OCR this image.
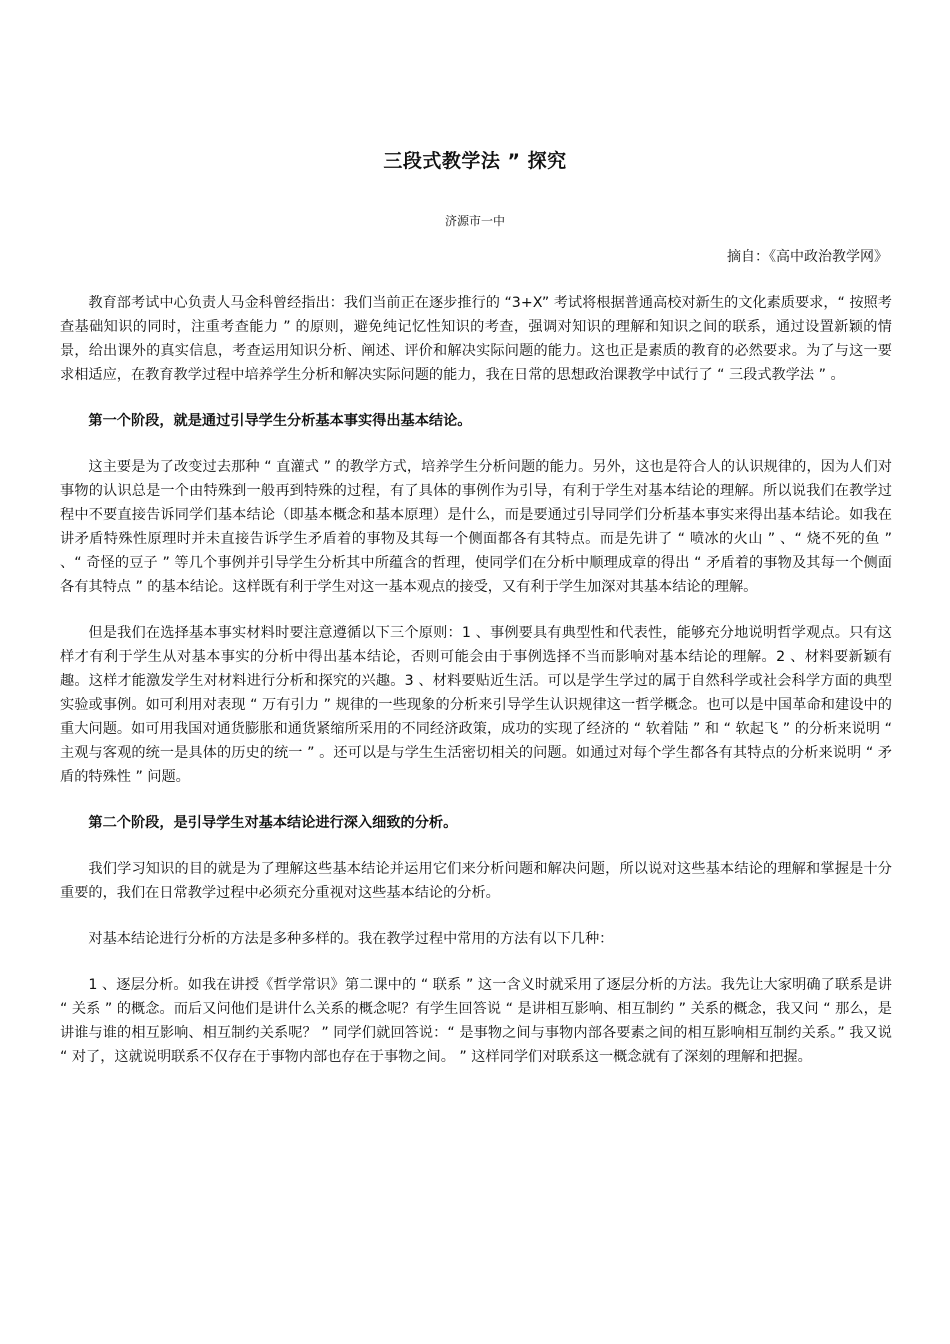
三段式教学法 ” 探究
济源市一中
摘自：《高中政治教学网》

教育部考试中心负责人马金科曾经指出：我们当前正在逐步推行的 “3+X” 考试将根据普通高校对新生的文化素质要求，“ 按照考查基础知识的同时，注重考查能力 ” 的原则，避免纯记忆性知识的考查，强调对知识的理解和知识之间的联系，通过设置新颖的情景，给出课外的真实信息，考查运用知识分析、阐述、评价和解决实际问题的能力。这也正是素质的教育的必然要求。为了与这一要求相适应，在教育教学过程中培养学生分析和解决实际问题的能力，我在日常的思想政治课教学中试行了 “ 三段式教学法 ” 。

第一个阶段，就是通过引导学生分析基本事实得出基本结论。

这主要是为了改变过去那种 “ 直灌式 ” 的教学方式，培养学生分析问题的能力。另外，这也是符合人的认识规律的，因为人们对事物的认识总是一个由特殊到一般再到特殊的过程，有了具体的事例作为引导，有利于学生对基本结论的理解。所以说我们在教学过程中不要直接告诉同学们基本结论（即基本概念和基本原理）是什么，而是要通过引导同学们分析基本事实来得出基本结论。如我在讲矛盾特殊性原理时并未直接告诉学生矛盾着的事物及其每一个侧面都各有其特点。而是先讲了 “ 喷冰的火山 ” 、“ 烧不死的鱼 ” 、“ 奇怪的豆子 ” 等几个事例并引导学生分析其中所蕴含的哲理，使同学们在分析中顺理成章的得出 “ 矛盾着的事物及其每一个侧面各有其特点 ” 的基本结论。这样既有利于学生对这一基本观点的接受，又有利于学生加深对其基本结论的理解。

但是我们在选择基本事实材料时要注意遵循以下三个原则：1 、事例要具有典型性和代表性，能够充分地说明哲学观点。只有这样才有利于学生从对基本事实的分析中得出基本结论，否则可能会由于事例选择不当而影响对基本结论的理解。2 、材料要新颖有趣。这样才能激发学生对材料进行分析和探究的兴趣。3 、材料要贴近生活。可以是学生学过的属于自然科学或社会科学方面的典型实验或事例。如可利用对表现 “ 万有引力 ” 规律的一些现象的分析来引导学生认识规律这一哲学概念。也可以是中国革命和建设中的重大问题。如可用我国对通货膨胀和通货紧缩所采用的不同经济政策，成功的实现了经济的 “ 软着陆 ” 和 “ 软起飞 ” 的分析来说明 “ 主观与客观的统一是具体的历史的统一 ” 。还可以是与学生生活密切相关的问题。如通过对每个学生都各有其特点的分析来说明 “ 矛盾的特殊性 ” 问题。

第二个阶段，是引导学生对基本结论进行深入细致的分析。

我们学习知识的目的就是为了理解这些基本结论并运用它们来分析问题和解决问题，所以说对这些基本结论的理解和掌握是十分重要的，我们在日常教学过程中必须充分重视对这些基本结论的分析。

对基本结论进行分析的方法是多种多样的。我在教学过程中常用的方法有以下几种：

1 、逐层分析。如我在讲授《哲学常识》第二课中的 “ 联系 ” 这一含义时就采用了逐层分析的方法。我先让大家明确了联系是讲 “ 关系 ” 的概念。而后又问他们是讲什么关系的概念呢？有学生回答说 “ 是讲相互影响、相互制约 ” 关系的概念，我又问 “ 那么，是讲谁与谁的相互影响、相互制约关系呢？ ” 同学们就回答说：“ 是事物之间与事物内部各要素之间的相互影响相互制约关系。” 我又说 “ 对了，这就说明联系不仅存在于事物内部也存在于事物之间。 ” 这样同学们对联系这一概念就有了深刻的理解和把握。
